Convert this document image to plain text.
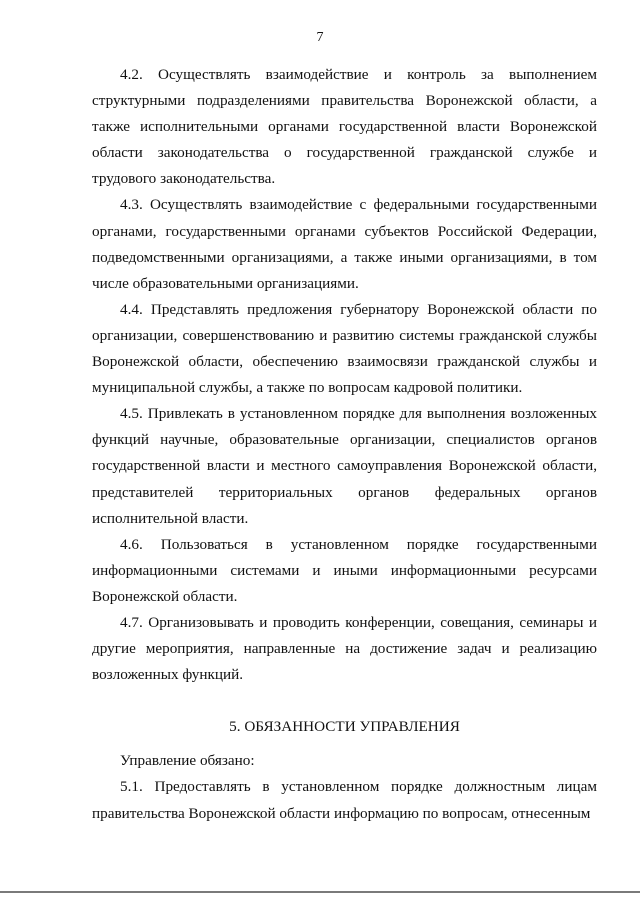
7

4.2. Осуществлять взаимодействие и контроль за выполнением структурными подразделениями правительства Воронежской области, а также исполнительными органами государственной власти Воронежской области законодательства о государственной гражданской службе и трудового законодательства.

4.3. Осуществлять взаимодействие с федеральными государственными органами, государственными органами субъектов Российской Федерации, подведомственными организациями, а также иными организациями, в том числе образовательными организациями.

4.4. Представлять предложения губернатору Воронежской области по организации, совершенствованию и развитию системы гражданской службы Воронежской области, обеспечению взаимосвязи гражданской службы и муниципальной службы, а также по вопросам кадровой политики.

4.5. Привлекать в установленном порядке для выполнения возложенных функций научные, образовательные организации, специалистов органов государственной власти и местного самоуправления Воронежской области, представителей территориальных органов федеральных органов исполнительной власти.

4.6. Пользоваться в установленном порядке государственными информационными системами и иными информационными ресурсами Воронежской области.

4.7. Организовывать и проводить конференции, совещания, семинары и другие мероприятия, направленные на достижение задач и реализацию возложенных функций.

5. ОБЯЗАННОСТИ УПРАВЛЕНИЯ

Управление обязано:

5.1. Предоставлять в установленном порядке должностным лицам правительства Воронежской области информацию по вопросам, отнесенным
